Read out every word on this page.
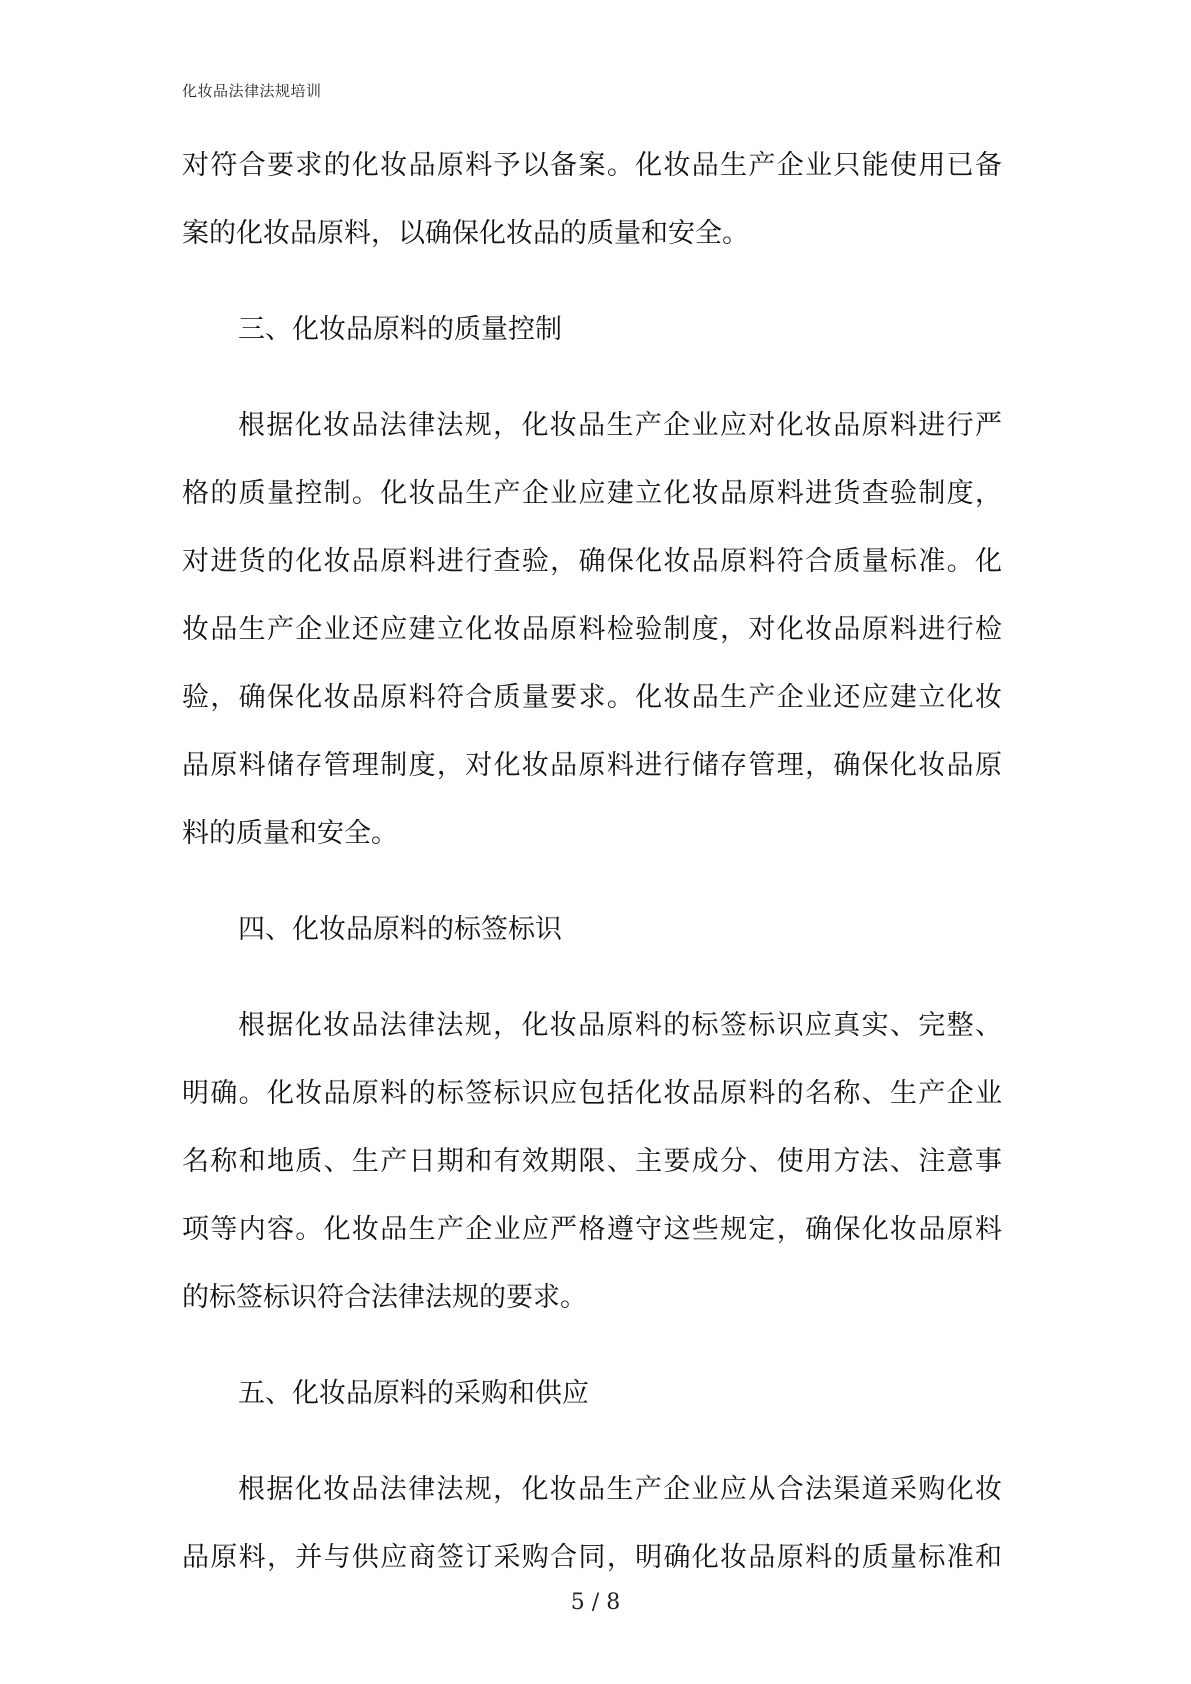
化妆品法律法规培训
对符合要求的化妆品原料予以备案。化妆品生产企业只能使用已备
案的化妆品原料，以确保化妆品的质量和安全。
三、化妆品原料的质量控制
根据化妆品法律法规，化妆品生产企业应对化妆品原料进行严
格的质量控制。化妆品生产企业应建立化妆品原料进货查验制度，
对进货的化妆品原料进行查验，确保化妆品原料符合质量标准。化
妆品生产企业还应建立化妆品原料检验制度，对化妆品原料进行检
验，确保化妆品原料符合质量要求。化妆品生产企业还应建立化妆
品原料储存管理制度，对化妆品原料进行储存管理，确保化妆品原
料的质量和安全。
四、化妆品原料的标签标识
根据化妆品法律法规，化妆品原料的标签标识应真实、完整、
明确。化妆品原料的标签标识应包括化妆品原料的名称、生产企业
名称和地质、生产日期和有效期限、主要成分、使用方法、注意事
项等内容。化妆品生产企业应严格遵守这些规定，确保化妆品原料
的标签标识符合法律法规的要求。
五、化妆品原料的采购和供应
根据化妆品法律法规，化妆品生产企业应从合法渠道采购化妆
品原料，并与供应商签订采购合同，明确化妆品原料的质量标准和
5 / 8
